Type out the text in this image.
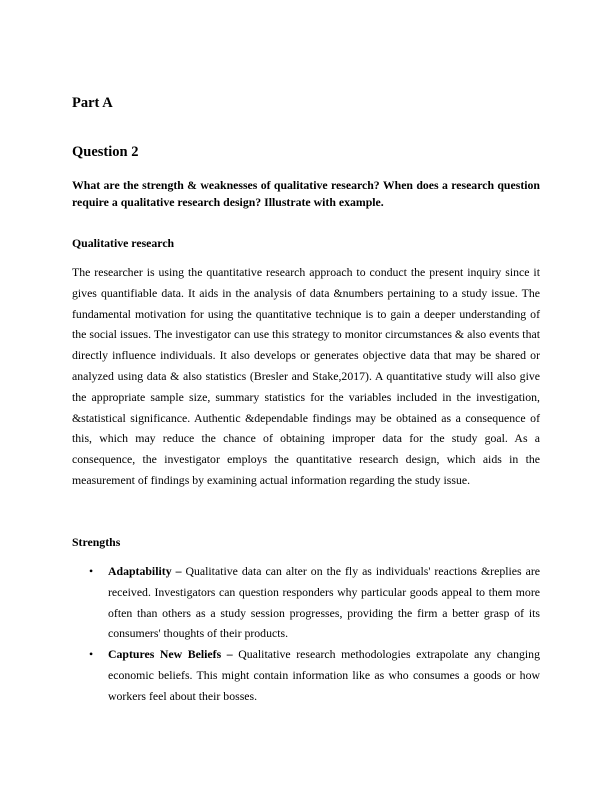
Part A
Question 2

What are the strength & weaknesses of qualitative research? When does a research question require a qualitative research design? Illustrate with example.

Qualitative research

The researcher is using the quantitative research approach to conduct the present inquiry since it gives quantifiable data. It aids in the analysis of data &numbers pertaining to a study issue. The fundamental motivation for using the quantitative technique is to gain a deeper understanding of the social issues. The investigator can use this strategy to monitor circumstances & also events that directly influence individuals. It also develops or generates objective data that may be shared or analyzed using data & also statistics (Bresler and Stake,2017). A quantitative study will also give the appropriate sample size, summary statistics for the variables included in the investigation, &statistical significance. Authentic &dependable findings may be obtained as a consequence of this, which may reduce the chance of obtaining improper data for the study goal. As a consequence, the investigator employs the quantitative research design, which aids in the measurement of findings by examining actual information regarding the study issue.

Strengths
• Adaptability – Qualitative data can alter on the fly as individuals' reactions &replies are received. Investigators can question responders why particular goods appeal to them more often than others as a study session progresses, providing the firm a better grasp of its consumers' thoughts of their products.
• Captures New Beliefs – Qualitative research methodologies extrapolate any changing economic beliefs. This might contain information like as who consumes a goods or how workers feel about their bosses.
